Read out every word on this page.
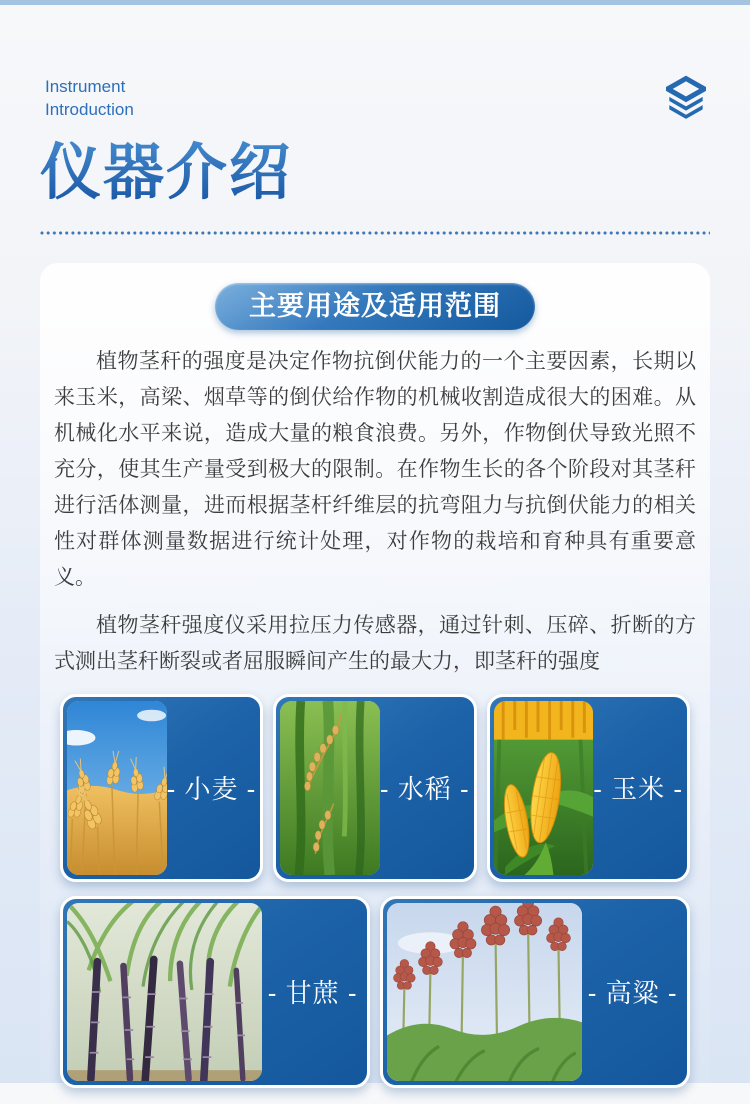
Instrument
Introduction
仪器介绍
主要用途及适用范围

植物茎秆的强度是决定作物抗倒伏能力的一个主要因素，长期以来玉米，高梁、烟草等的倒伏给作物的机械收割造成很大的困难。从机械化水平来说，造成大量的粮食浪费。另外，作物倒伏导致光照不充分，使其生产量受到极大的限制。在作物生长的各个阶段对其茎秆进行活体测量，进而根据茎杆纤维层的抗弯阻力与抗倒伏能力的相关性对群体测量数据进行统计处理，对作物的栽培和育种具有重要意义。

植物茎秆强度仪采用拉压力传感器，通过针刺、压碎、折断的方式测出茎秆断裂或者屈服瞬间产生的最大力，即茎秆的强度

- 小麦 -	- 水稻 -	- 玉米 -
- 甘蔗 -	- 高粱 -
